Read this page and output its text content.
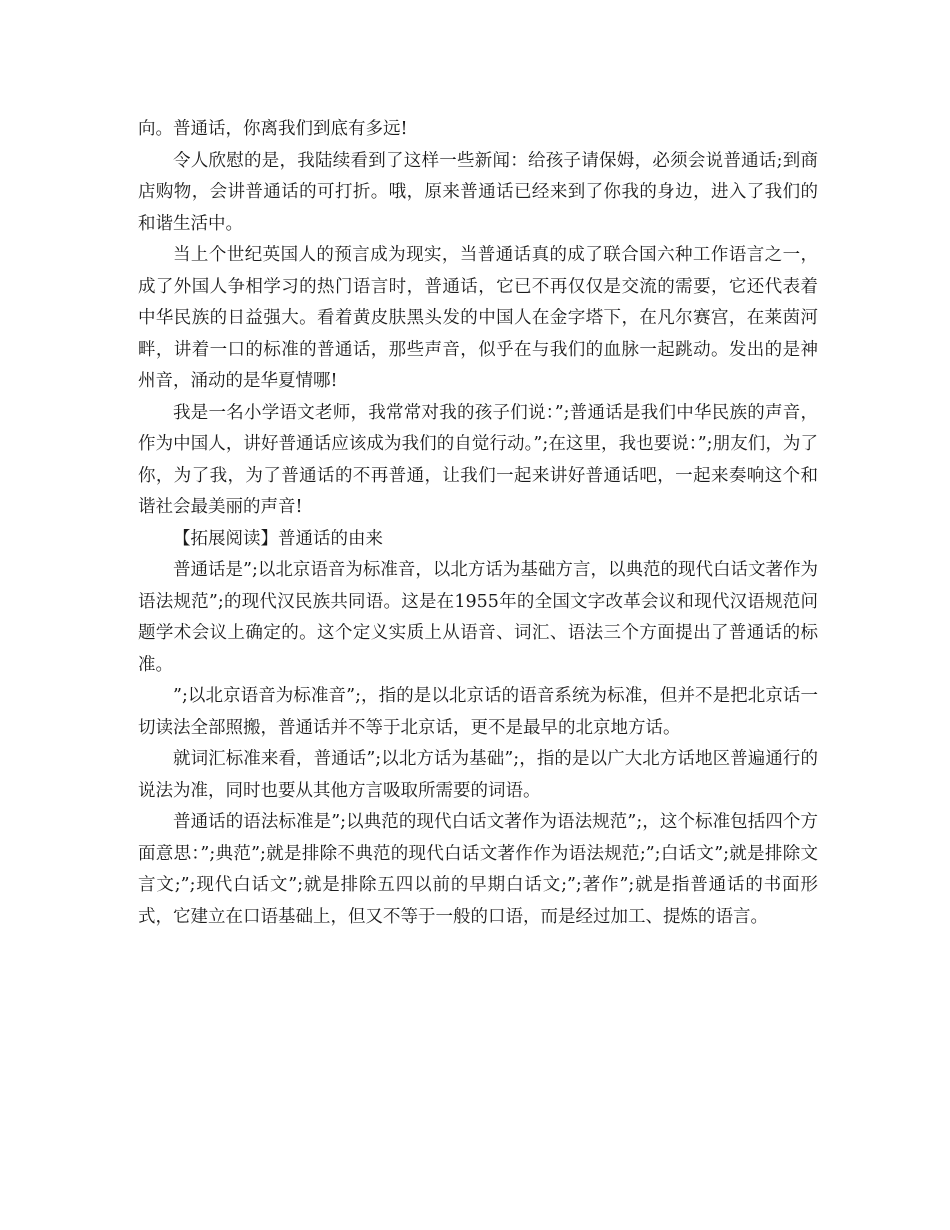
向。普通话，你离我们到底有多远!

令人欣慰的是，我陆续看到了这样一些新闻：给孩子请保姆，必须会说普通话;到商店购物，会讲普通话的可打折。哦，原来普通话已经来到了你我的身边，进入了我们的和谐生活中。

当上个世纪英国人的预言成为现实，当普通话真的成了联合国六种工作语言之一，成了外国人争相学习的热门语言时，普通话，它已不再仅仅是交流的需要，它还代表着中华民族的日益强大。看着黄皮肤黑头发的中国人在金字塔下，在凡尔赛宫，在莱茵河畔，讲着一口的标准的普通话，那些声音，似乎在与我们的血脉一起跳动。发出的是神州音，涌动的是华夏情哪!

我是一名小学语文老师，我常常对我的孩子们说：”;普通话是我们中华民族的声音，作为中国人，讲好普通话应该成为我们的自觉行动。”;在这里，我也要说：”;朋友们，为了你，为了我，为了普通话的不再普通，让我们一起来讲好普通话吧，一起来奏响这个和谐社会最美丽的声音!

【拓展阅读】普通话的由来

普通话是”;以北京语音为标准音，以北方话为基础方言，以典范的现代白话文著作为语法规范”;的现代汉民族共同语。这是在1955年的全国文字改革会议和现代汉语规范问题学术会议上确定的。这个定义实质上从语音、词汇、语法三个方面提出了普通话的标准。

”;以北京语音为标准音”;，指的是以北京话的语音系统为标准，但并不是把北京话一切读法全部照搬，普通话并不等于北京话，更不是最早的北京地方话。

就词汇标准来看，普通话”;以北方话为基础”;，指的是以广大北方话地区普遍通行的说法为准，同时也要从其他方言吸取所需要的词语。

普通话的语法标准是”;以典范的现代白话文著作为语法规范”;，这个标准包括四个方面意思：”;典范”;就是排除不典范的现代白话文著作作为语法规范;”;白话文”;就是排除文言文;”;现代白话文”;就是排除五四以前的早期白话文;”;著作”;就是指普通话的书面形式，它建立在口语基础上，但又不等于一般的口语，而是经过加工、提炼的语言。
